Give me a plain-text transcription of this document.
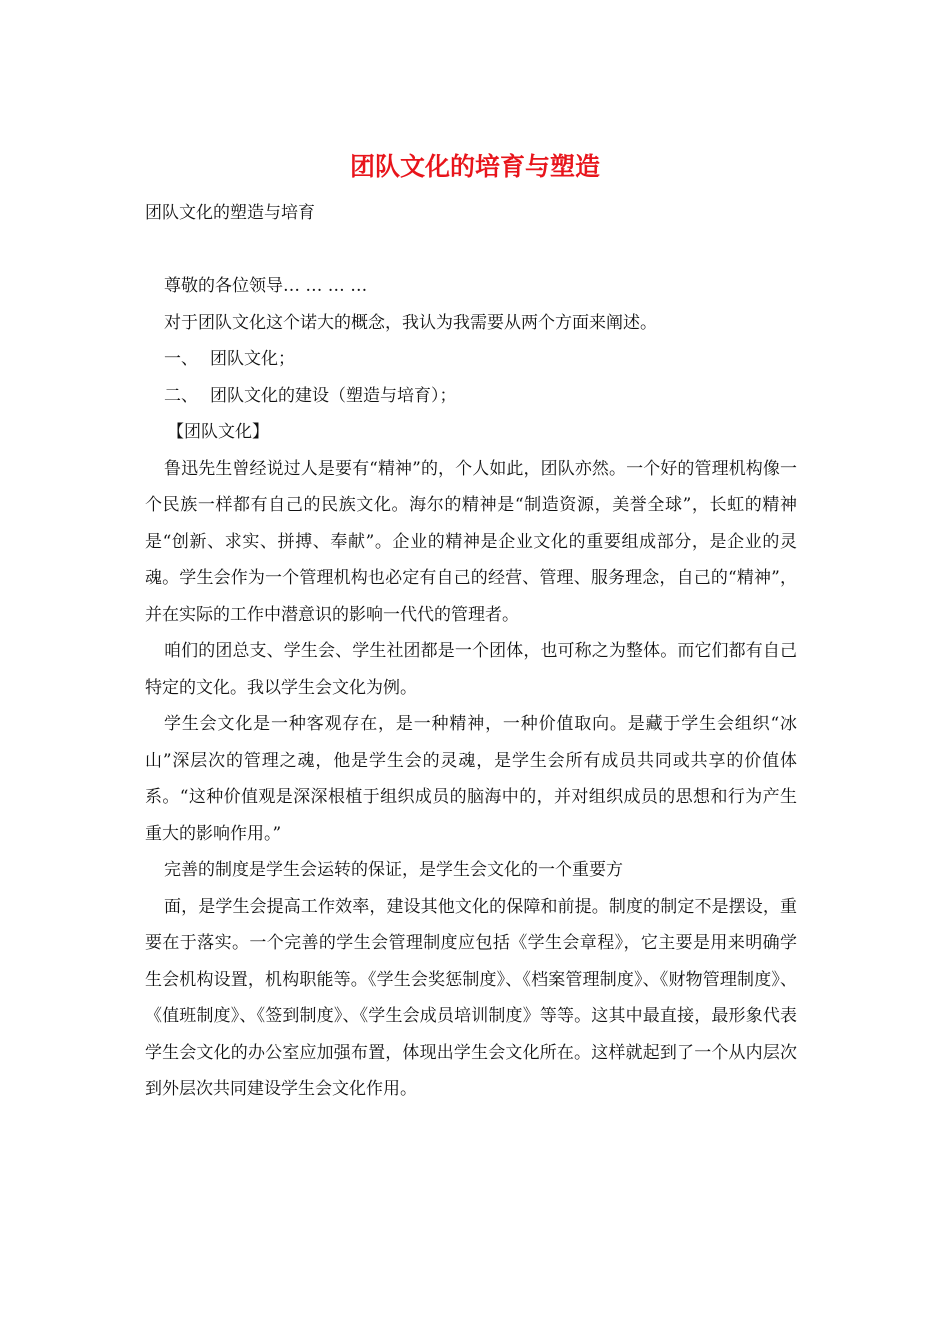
团队文化的培育与塑造

团队文化的塑造与培育

尊敬的各位领导… … … …

对于团队文化这个诺大的概念，我认为我需要从两个方面来阐述。

一、 团队文化；

二、 团队文化的建设（塑造与培育）；

【团队文化】

鲁迅先生曾经说过人是要有“精神”的，个人如此，团队亦然。一个好的管理机构像一个民族一样都有自己的民族文化。海尔的精神是“制造资源，美誉全球”，长虹的精神是“创新、求实、拼搏、奉献”。企业的精神是企业文化的重要组成部分，是企业的灵魂。学生会作为一个管理机构也必定有自己的经营、管理、服务理念，自己的“精神”，并在实际的工作中潜意识的影响一代代的管理者。

咱们的团总支、学生会、学生社团都是一个团体，也可称之为整体。而它们都有自己特定的文化。我以学生会文化为例。

学生会文化是一种客观存在，是一种精神，一种价值取向。是藏于学生会组织“冰山”深层次的管理之魂，他是学生会的灵魂，是学生会所有成员共同或共享的价值体系。“这种价值观是深深根植于组织成员的脑海中的，并对组织成员的思想和行为产生重大的影响作用。”

完善的制度是学生会运转的保证，是学生会文化的一个重要方

面，是学生会提高工作效率，建设其他文化的保障和前提。制度的制定不是摆设，重要在于落实。一个完善的学生会管理制度应包括《学生会章程》，它主要是用来明确学生会机构设置，机构职能等。《学生会奖惩制度》、《档案管理制度》、《财物管理制度》、《值班制度》、《签到制度》、《学生会成员培训制度》等等。这其中最直接，最形象代表学生会文化的办公室应加强布置，体现出学生会文化所在。这样就起到了一个从内层次到外层次共同建设学生会文化作用。
